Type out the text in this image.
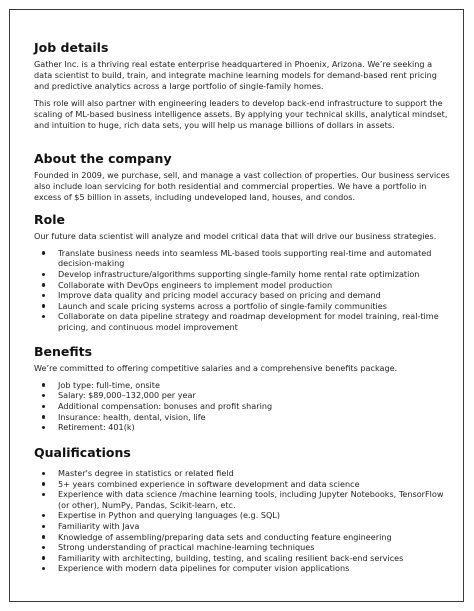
Job details

Gather Inc. is a thriving real estate enterprise headquartered in Phoenix, Arizona. We’re seeking a data scientist to build, train, and integrate machine learning models for demand-based rent pricing and predictive analytics across a large portfolio of single-family homes.

This role will also partner with engineering leaders to develop back-end infrastructure to support the scaling of ML-based business intelligence assets. By applying your technical skills, analytical mindset, and intuition to huge, rich data sets, you will help us manage billions of dollars in assets.

About the company

Founded in 2009, we purchase, sell, and manage a vast collection of properties. Our business services also include loan servicing for both residential and commercial properties. We have a portfolio in excess of $5 billion in assets, including undeveloped land, houses, and condos.

Role

Our future data scientist will analyze and model critical data that will drive our business strategies.

Translate business needs into seamless ML-based tools supporting real-time and automated decision-making
Develop infrastructure/algorithms supporting single-family home rental rate optimization
Collaborate with DevOps engineers to implement model production
Improve data quality and pricing model accuracy based on pricing and demand
Launch and scale pricing systems across a portfolio of single-family communities
Collaborate on data pipeline strategy and roadmap development for model training, real-time pricing, and continuous model improvement
Benefits

We’re committed to offering competitive salaries and a comprehensive benefits package.

Job type: full-time, onsite
Salary: $89,000–132,000 per year
Additional compensation: bonuses and profit sharing
Insurance: health, dental, vision, life
Retirement: 401(k)
Qualifications
Master's degree in statistics or related field
5+ years combined experience in software development and data science
Experience with data science /machine learning tools, including Jupyter Notebooks, TensorFlow (or other), NumPy, Pandas, Scikit-learn, etc.
Expertise in Python and querying languages (e.g. SQL)
Familiarity with Java
Knowledge of assembling/preparing data sets and conducting feature engineering
Strong understanding of practical machine-learning techniques
Familiarity with architecting, building, testing, and scaling resilient back-end services
Experience with modern data pipelines for computer vision applications
